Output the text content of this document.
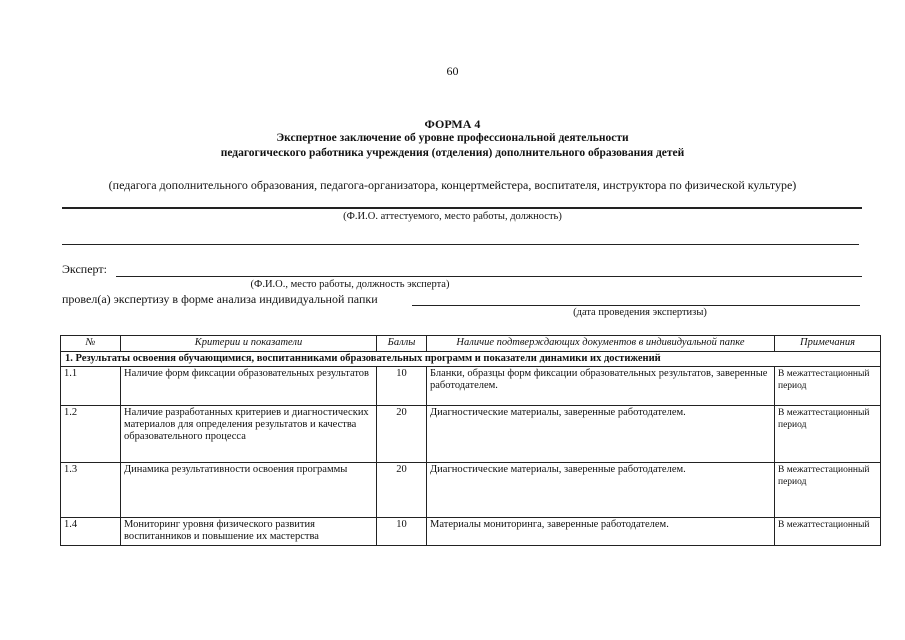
60
ФОРМА 4
Экспертное заключение об уровне профессиональной деятельности
педагогического работника учреждения (отделения) дополнительного образования детей
(педагога дополнительного образования, педагога-организатора, концертмейстера, воспитателя, инструктора по физической культуре)
(Ф.И.О. аттестуемого, место работы, должность)
Эксперт:
(Ф.И.О., место работы, должность эксперта)
провел(а) экспертизу в форме анализа индивидуальной папки
(дата проведения экспертизы)
№	Критерии и показатели	Баллы	Наличие подтверждающих документов в индивидуальной папке	Примечания
1. Результаты освоения обучающимися, воспитанниками образовательных программ и показатели динамики их достижений				
1.1	Наличие форм фиксации образовательных результатов	10	Бланки, образцы форм фиксации образовательных результатов, заверенные работодателем.	В межаттестационный период
1.2	Наличие разработанных критериев и диагностических материалов для определения результатов и качества образовательного процесса	20	Диагностические материалы, заверенные работодателем.	В межаттестационный период
1.3	Динамика результативности освоения программы	20	Диагностические материалы, заверенные работодателем.	В межаттестационный период
1.4	Мониторинг уровня физического развития воспитанников и повышение их мастерства	10	Материалы мониторинга, заверенные работодателем.	В межаттестационный
